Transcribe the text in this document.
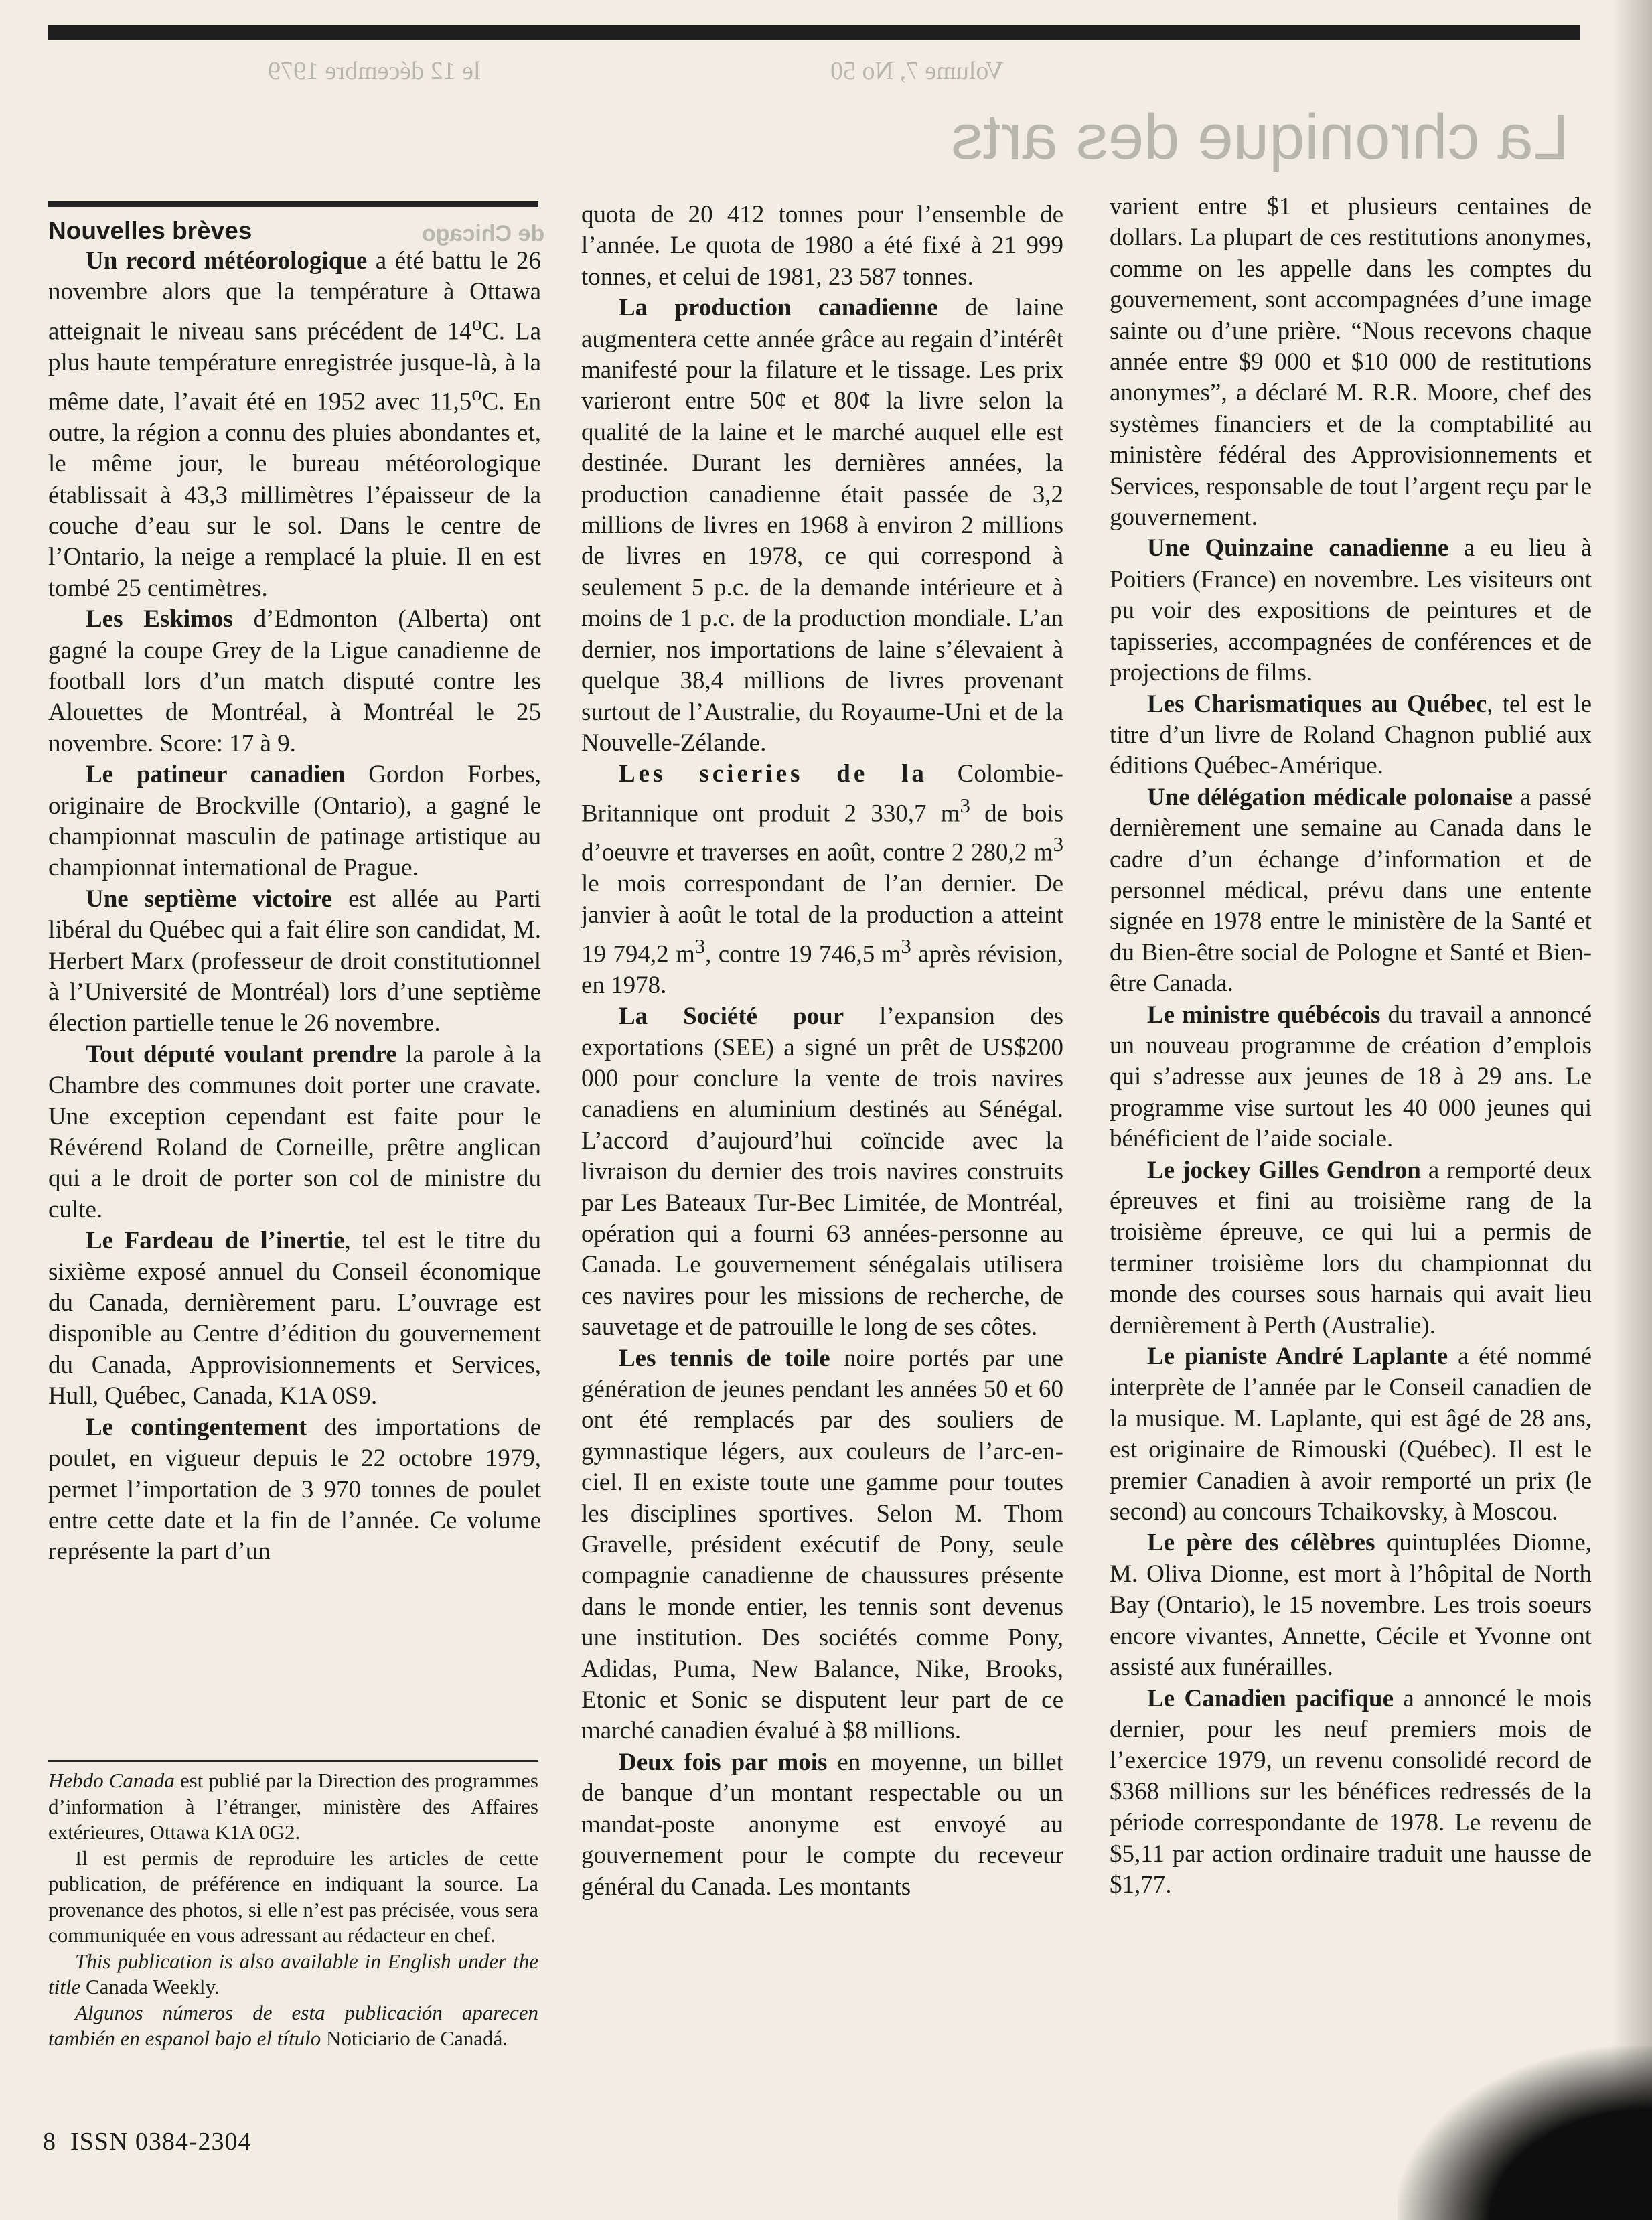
Volume 7, No 50
le 12 décembre 1979
La chronique des arts
de Chicago

Nouvelles brèves

Un record météorologique a été battu le 26 novembre alors que la température à Ottawa atteignait le niveau sans précédent de 14$^o$C. La plus haute température enregistrée jusque-là, à la même date, l’avait été en 1952 avec 11,5$^o$C. En outre, la région a connu des pluies abondantes et, le même jour, le bureau météorologique établissait à 43,3 millimètres l’épaisseur de la couche d’eau sur le sol. Dans le centre de l’Ontario, la neige a remplacé la pluie. Il en est tombé 25 centimètres.

Les Eskimos d’Edmonton (Alberta) ont gagné la coupe Grey de la Ligue canadienne de football lors d’un match disputé contre les Alouettes de Montréal, à Montréal le 25 novembre. Score: 17 à 9.

Le patineur canadien Gordon Forbes, originaire de Brockville (Ontario), a gagné le championnat masculin de patinage artistique au championnat international de Prague.

Une septième victoire est allée au Parti libéral du Québec qui a fait élire son candidat, M. Herbert Marx (professeur de droit constitutionnel à l’Université de Montréal) lors d’une septième élection partielle tenue le 26 novembre.

Tout député voulant prendre la parole à la Chambre des communes doit porter une cravate. Une exception cependant est faite pour le Révérend Roland de Corneille, prêtre anglican qui a le droit de porter son col de ministre du culte.

Le Fardeau de l’inertie, tel est le titre du sixième exposé annuel du Conseil économique du Canada, dernièrement paru. L’ouvrage est disponible au Centre d’édition du gouvernement du Canada, Approvisionnements et Services, Hull, Québec, Canada, K1A 0S9.

Le contingentement des importations de poulet, en vigueur depuis le 22 octobre 1979, permet l’importation de 3 970 tonnes de poulet entre cette date et la fin de l’année. Ce volume représente la part d’un

Hebdo Canada est publié par la Direction des programmes d’information à l’étranger, ministère des Affaires extérieures, Ottawa K1A 0G2.

Il est permis de reproduire les articles de cette publication, de préférence en indiquant la source. La provenance des photos, si elle n’est pas précisée, vous sera communiquée en vous adressant au rédacteur en chef.

This publication is also available in English under the title Canada Weekly.

Algunos números de esta publicación aparecen también en espanol bajo el título Noticiario de Canadá.

quota de 20 412 tonnes pour l’ensemble de l’année. Le quota de 1980 a été fixé à 21 999 tonnes, et celui de 1981, 23 587 tonnes.

La production canadienne de laine augmentera cette année grâce au regain d’intérêt manifesté pour la filature et le tissage. Les prix varieront entre 50¢ et 80¢ la livre selon la qualité de la laine et le marché auquel elle est destinée. Durant les dernières années, la production canadienne était passée de 3,2 millions de livres en 1968 à environ 2 millions de livres en 1978, ce qui correspond à seulement 5 p.c. de la demande intérieure et à moins de 1 p.c. de la production mondiale. L’an dernier, nos importations de laine s’élevaient à quelque 38,4 millions de livres provenant surtout de l’Australie, du Royaume-Uni et de la Nouvelle-Zélande.

Les scieries de la Colombie-Britannique ont produit 2 330,7 $m^3$ de bois d’oeuvre et traverses en août, contre 2 280,2 $m^3$ le mois correspondant de l’an dernier. De janvier à août le total de la production a atteint 19 794,2 $m^3$, contre 19 746,5 $m^3$ après révision, en 1978.

La Société pour l’expansion des exportations (SEE) a signé un prêt de US$200 000 pour conclure la vente de trois navires canadiens en aluminium destinés au Sénégal. L’accord d’aujourd’hui coïncide avec la livraison du dernier des trois navires construits par Les Bateaux Tur-Bec Limitée, de Montréal, opération qui a fourni 63 années-personne au Canada. Le gouvernement sénégalais utilisera ces navires pour les missions de recherche, de sauvetage et de patrouille le long de ses côtes.

Les tennis de toile noire portés par une génération de jeunes pendant les années 50 et 60 ont été remplacés par des souliers de gymnastique légers, aux couleurs de l’arc-en-ciel. Il en existe toute une gamme pour toutes les disciplines sportives. Selon M. Thom Gravelle, président exécutif de Pony, seule compagnie canadienne de chaussures présente dans le monde entier, les tennis sont devenus une institution. Des sociétés comme Pony, Adidas, Puma, New Balance, Nike, Brooks, Etonic et Sonic se disputent leur part de ce marché canadien évalué à $8 millions.

Deux fois par mois en moyenne, un billet de banque d’un montant respectable ou un mandat-poste anonyme est envoyé au gouvernement pour le compte du receveur général du Canada. Les montants

varient entre $1 et plusieurs centaines de dollars. La plupart de ces restitutions anonymes, comme on les appelle dans les comptes du gouvernement, sont accompagnées d’une image sainte ou d’une prière. “Nous recevons chaque année entre $9 000 et $10 000 de restitutions anonymes”, a déclaré M. R.R. Moore, chef des systèmes financiers et de la comptabilité au ministère fédéral des Approvisionnements et Services, responsable de tout l’argent reçu par le gouvernement.

Une Quinzaine canadienne a eu lieu à Poitiers (France) en novembre. Les visiteurs ont pu voir des expositions de peintures et de tapisseries, accompagnées de conférences et de projections de films.

Les Charismatiques au Québec, tel est le titre d’un livre de Roland Chagnon publié aux éditions Québec-Amérique.

Une délégation médicale polonaise a passé dernièrement une semaine au Canada dans le cadre d’un échange d’information et de personnel médical, prévu dans une entente signée en 1978 entre le ministère de la Santé et du Bien-être social de Pologne et Santé et Bien-être Canada.

Le ministre québécois du travail a annoncé un nouveau programme de création d’emplois qui s’adresse aux jeunes de 18 à 29 ans. Le programme vise surtout les 40 000 jeunes qui bénéficient de l’aide sociale.

Le jockey Gilles Gendron a remporté deux épreuves et fini au troisième rang de la troisième épreuve, ce qui lui a permis de terminer troisième lors du championnat du monde des courses sous harnais qui avait lieu dernièrement à Perth (Australie).

Le pianiste André Laplante a été nommé interprète de l’année par le Conseil canadien de la musique. M. Laplante, qui est âgé de 28 ans, est originaire de Rimouski (Québec). Il est le premier Canadien à avoir remporté un prix (le second) au concours Tchaikovsky, à Moscou.

Le père des célèbres quintuplées Dionne, M. Oliva Dionne, est mort à l’hôpital de North Bay (Ontario), le 15 novembre. Les trois soeurs encore vivantes, Annette, Cécile et Yvonne ont assisté aux funérailles.

Le Canadien pacifique a annoncé le mois dernier, pour les neuf premiers mois de l’exercice 1979, un revenu consolidé record de $368 millions sur les bénéfices redressés de la période correspondante de 1978. Le revenu de $5,11 par action ordinaire traduit une hausse de $1,77.

8 ISSN 0384-2304
